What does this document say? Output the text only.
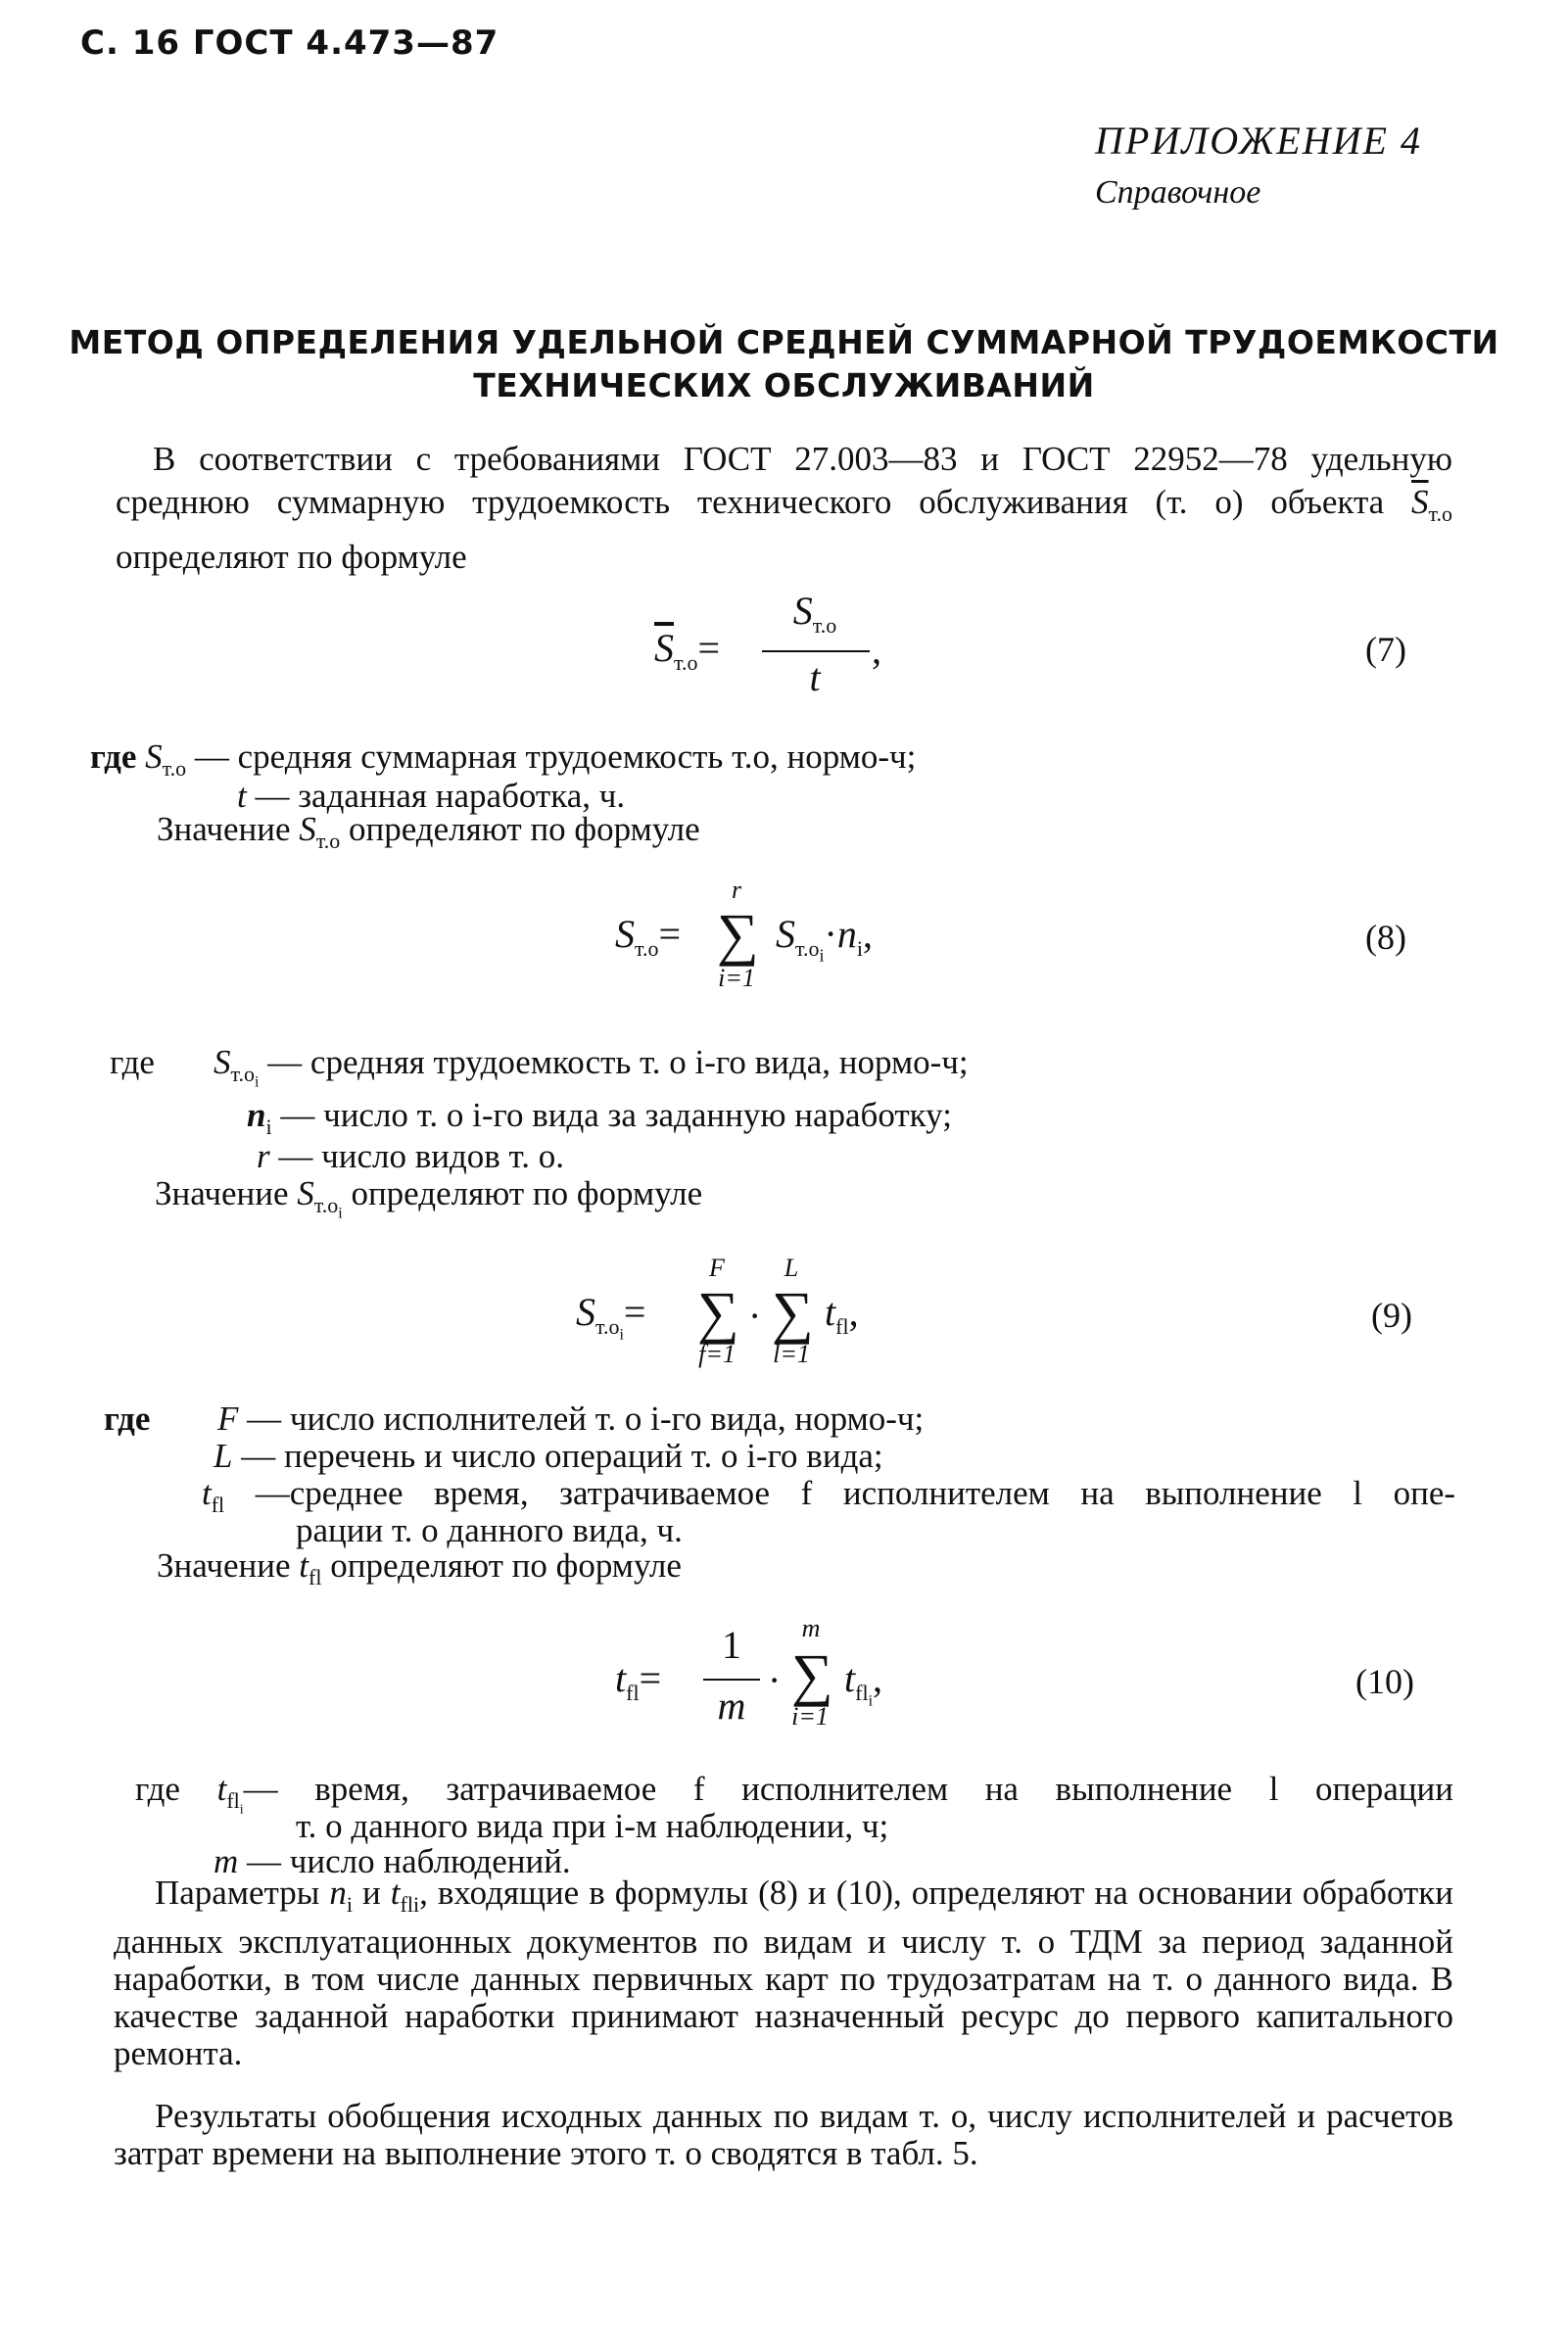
С. 16 ГОСТ 4.473—87
ПРИЛОЖЕНИЕ 4
Справочное
МЕТОД ОПРЕДЕЛЕНИЯ УДЕЛЬНОЙ СРЕДНЕЙ СУММАРНОЙ ТРУДОЕМКОСТИ
ТЕХНИЧЕСКИХ ОБСЛУЖИВАНИЙ
В соответствии с требованиями ГОСТ 27.003—83 и ГОСТ 22952—78 удельную среднюю суммарную трудоемкость технического обслуживания (т. о) объекта $\overline{S}_{т.о}$ определяют по формуле
$\overline{S}_{т.о}=$
$S_{т.о}$
t
,	(7)
где $S_{т.о}$ — средняя суммарная трудоемкость т.о, нормо-ч;
t — заданная наработка, ч.
Значение $S_{т.о}$ определяют по формуле
$S_{т.о}=$
r
∑
i=1
$S_{т.о_i}\cdot n_i$,	(8)
где $S_{т.о_i}$ — средняя трудоемкость т. о i-го вида, нормо-ч;
$n_i$ — число т. о i-го вида за заданную наработку;
r — число видов т. о.
Значение $S_{т.о_i}$ определяют по формуле
$S_{т.о_i}=$
F
∑
f=1
·
L
∑
l=1
$t_{fl}$,	(9)
где F — число исполнителей т. о i-го вида, нормо-ч;
L — перечень и число операций т. о i-го вида;
$t_{fl}$ —среднее время, затрачиваемое f исполнителем на выполнение l опе-
рации т. о данного вида, ч.
Значение $t_{fl}$ определяют по формуле
$t_{fl}=$
1
m
·
m
∑
i=1
$t_{fl_i}$,	(10)
где $t_{fl_i}—$ время, затрачиваемое f исполнителем на выполнение l операции
т. о данного вида при i-м наблюдении, ч;
m — число наблюдений.
Параметры $n_i$ и $t_{fli}$, входящие в формулы (8) и (10), определяют на основании обработки данных эксплуатационных документов по видам и числу т. о ТДМ за период заданной наработки, в том числе данных первичных карт по трудозатратам на т. о данного вида. В качестве заданной наработки принимают назначенный ресурс до первого капитального ремонта.
Результаты обобщения исходных данных по видам т. о, числу исполнителей и расчетов затрат времени на выполнение этого т. о сводятся в табл. 5.
